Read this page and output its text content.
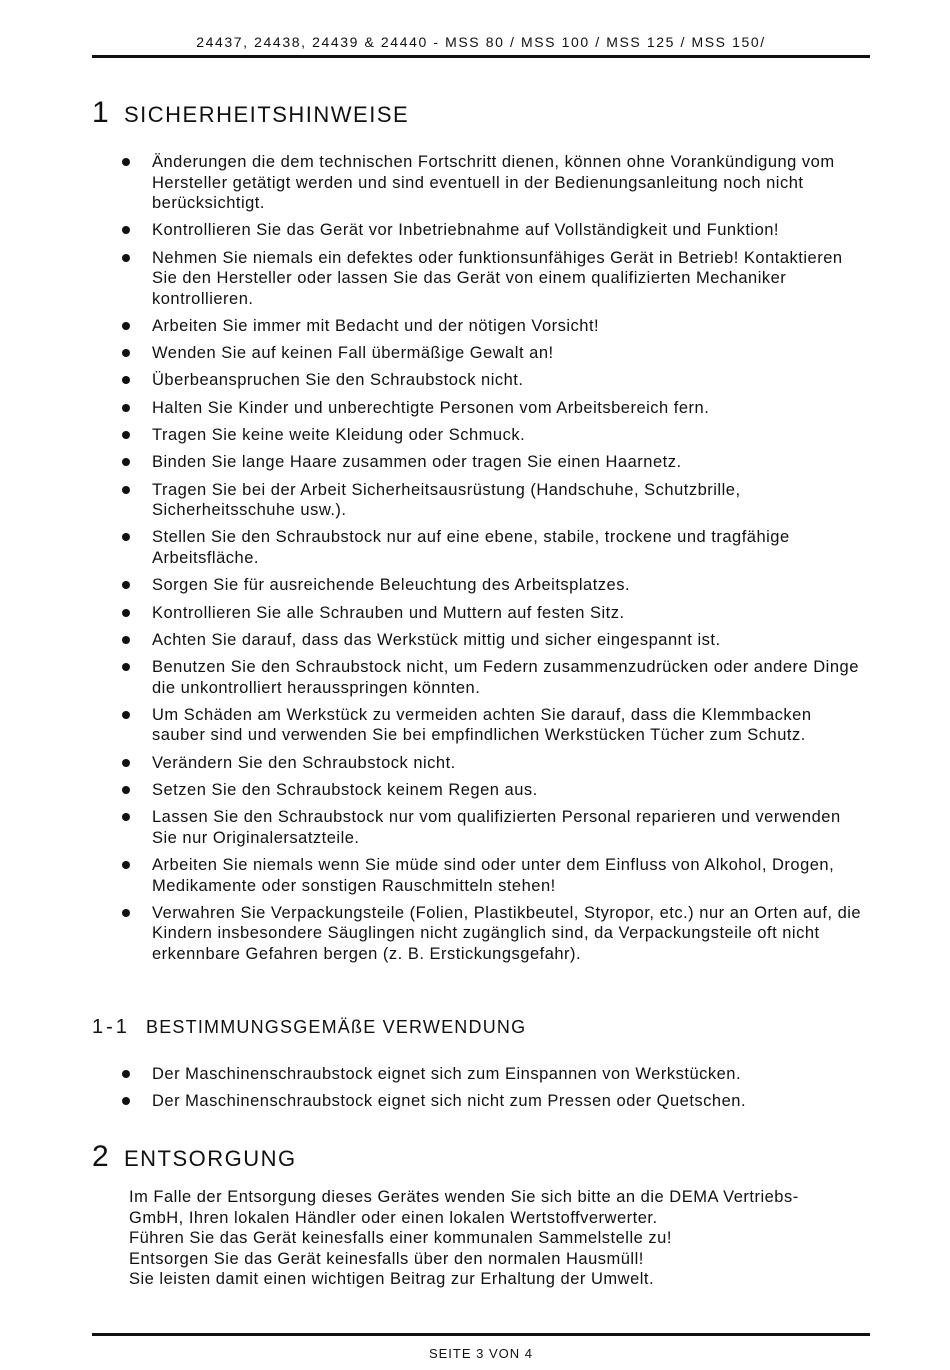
24437, 24438, 24439 & 24440 - MSS 80 / MSS 100 / MSS 125 / MSS 150/
1 SICHERHEITSHINWEISE
Änderungen die dem technischen Fortschritt dienen, können ohne Vorankündigung vom Hersteller getätigt werden und sind eventuell in der Bedienungsanleitung noch nicht berücksichtigt.
Kontrollieren Sie das Gerät vor Inbetriebnahme auf Vollständigkeit und Funktion!
Nehmen Sie niemals ein defektes oder funktionsunfähiges Gerät in Betrieb! Kontaktieren Sie den Hersteller oder lassen Sie das Gerät von einem qualifizierten Mechaniker kontrollieren.
Arbeiten Sie immer mit Bedacht und der nötigen Vorsicht!
Wenden Sie auf keinen Fall übermäßige Gewalt an!
Überbeanspruchen Sie den Schraubstock nicht.
Halten Sie Kinder und unberechtigte Personen vom Arbeitsbereich fern.
Tragen Sie keine weite Kleidung oder Schmuck.
Binden Sie lange Haare zusammen oder tragen Sie einen Haarnetz.
Tragen Sie bei der Arbeit Sicherheitsausrüstung (Handschuhe, Schutzbrille, Sicherheitsschuhe usw.).
Stellen Sie den Schraubstock nur auf eine ebene, stabile, trockene und tragfähige Arbeitsfläche.
Sorgen Sie für ausreichende Beleuchtung des Arbeitsplatzes.
Kontrollieren Sie alle Schrauben und Muttern auf festen Sitz.
Achten Sie darauf, dass das Werkstück mittig und sicher eingespannt ist.
Benutzen Sie den Schraubstock nicht, um Federn zusammenzudrücken oder andere Dinge die unkontrolliert herausspringen könnten.
Um Schäden am Werkstück zu vermeiden achten Sie darauf, dass die Klemmbacken sauber sind und verwenden Sie bei empfindlichen Werkstücken Tücher zum Schutz.
Verändern Sie den Schraubstock nicht.
Setzen Sie den Schraubstock keinem Regen aus.
Lassen Sie den Schraubstock nur vom qualifizierten Personal reparieren und verwenden Sie nur Originalersatzteile.
Arbeiten Sie niemals wenn Sie müde sind oder unter dem Einfluss von Alkohol, Drogen, Medikamente oder sonstigen Rauschmitteln stehen!
Verwahren Sie Verpackungsteile (Folien, Plastikbeutel, Styropor, etc.) nur an Orten auf, die Kindern insbesondere Säuglingen nicht zugänglich sind, da Verpackungsteile oft nicht erkennbare Gefahren bergen (z. B. Erstickungsgefahr).
1-1 BESTIMMUNGSGEMÄßE VERWENDUNG
Der Maschinenschraubstock eignet sich zum Einspannen von Werkstücken.
Der Maschinenschraubstock eignet sich nicht zum Pressen oder Quetschen.
2 ENTSORGUNG
Im Falle der Entsorgung dieses Gerätes wenden Sie sich bitte an die DEMA Vertriebs-
GmbH, Ihren lokalen Händler oder einen lokalen Wertstoffverwerter.
Führen Sie das Gerät keinesfalls einer kommunalen Sammelstelle zu!
Entsorgen Sie das Gerät keinesfalls über den normalen Hausmüll!
Sie leisten damit einen wichtigen Beitrag zur Erhaltung der Umwelt.
SEITE 3 VON 4
